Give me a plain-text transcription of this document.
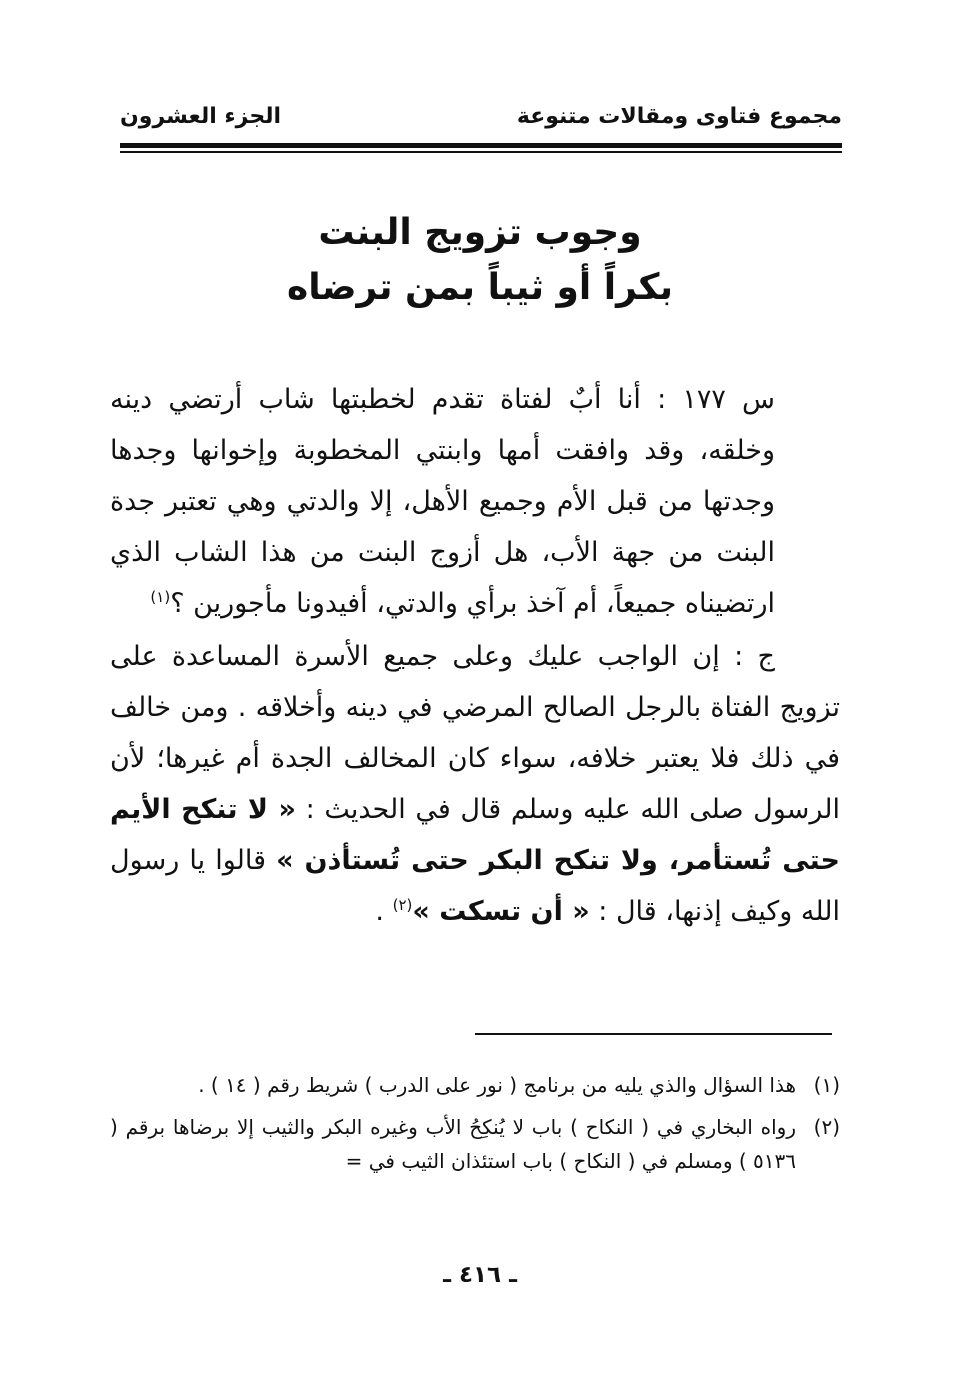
مجموع فتاوى ومقالات متنوعة
الجزء العشرون
وجوب تزويج البنت
بكراً أو ثيباً بمن ترضاه

س ١٧٧ : أنا أبٌ لفتاة تقدم لخطبتها شاب أرتضي دينه وخلقه، وقد وافقت أمها وابنتي المخطوبة وإخوانها وجدها وجدتها من قبل الأم وجميع الأهل، إلا والدتي وهي تعتبر جدة البنت من جهة الأب، هل أزوج البنت من هذا الشاب الذي ارتضيناه جميعاً، أم آخذ برأي والدتي، أفيدونا مأجورين ؟$^{(١)}$

ج : إن الواجب عليك وعلى جميع الأسرة المساعدة على تزويج الفتاة بالرجل الصالح المرضي في دينه وأخلاقه . ومن خالف في ذلك فلا يعتبر خلافه، سواء كان المخالف الجدة أم غيرها؛ لأن الرسول صلى الله عليه وسلم قال في الحديث : « لا تنكح الأيم حتى تُستأمر، ولا تنكح البكر حتى تُستأذن » قالوا يا رسول الله وكيف إذنها، قال : « أن تسكت »$^{(٢)}$ .

(١)
هذا السؤال والذي يليه من برنامج ( نور على الدرب ) شريط رقم ( ١٤ ) .
(٢)
رواه البخاري في ( النكاح ) باب لا يُنكِحُ الأب وغيره البكر والثيب إلا برضاها برقم ( ٥١٣٦ ) ومسلم في ( النكاح ) باب استئذان الثيب في =
ـ ٤١٦ ـ
